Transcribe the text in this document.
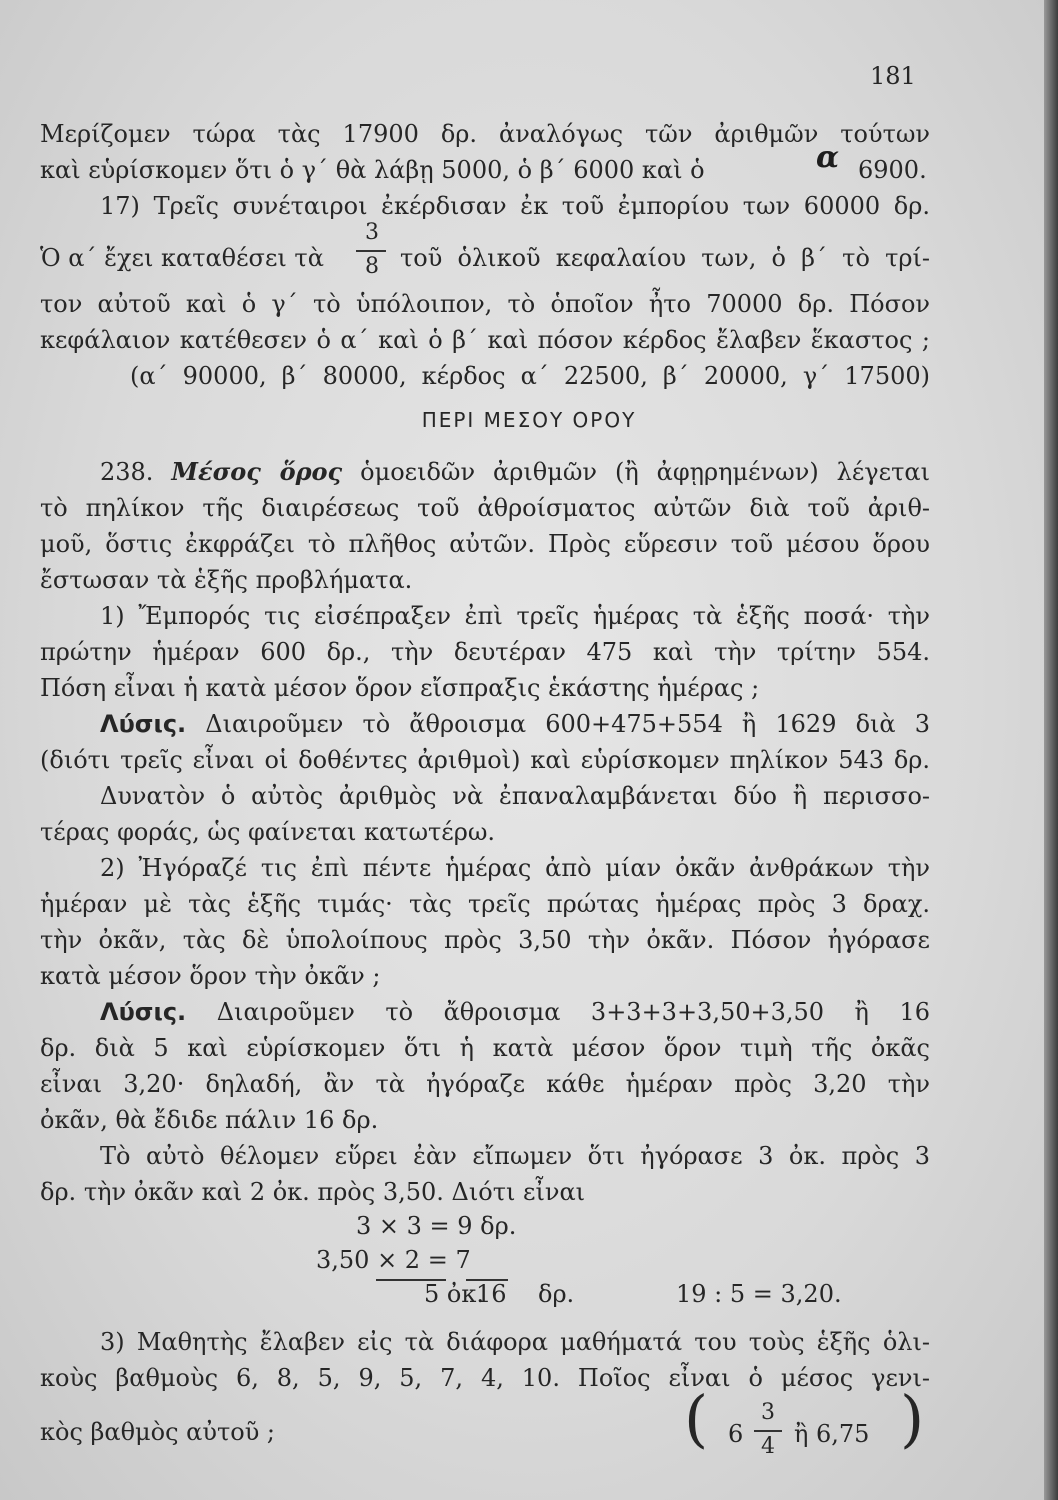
181
Μερίζομεν τώρα τὰς 17900 δρ. ἀναλόγως τῶν ἀριθμῶν τούτων
καὶ εὑρίσκομεν ὅτι ὁ γ΄ θὰ λάβῃ 5000, ὁ β΄ 6000 καὶ ὁ	α 6900.
17) Τρεῖς συνέταιροι ἐκέρδισαν ἐκ τοῦ ἐμπορίου των 60000 δρ.
Ὁ α΄ ἔχει καταθέσει τὰ
3
8 τοῦ ὁλικοῦ κεφαλαίου των, ὁ β΄ τὸ τρί-
τον αὐτοῦ καὶ ὁ γ΄ τὸ ὑπόλοιπον, τὸ ὁποῖον ἦτο 70000 δρ. Πόσον
κεφάλαιον κατέθεσεν ὁ α΄ καὶ ὁ β΄ καὶ πόσον κέρδος ἔλαβεν ἕκαστος ;
(α΄ 90000, β΄ 80000, κέρδος α΄ 22500, β΄ 20000, γ΄ 17500)
ΠΕΡΙ ΜΕΣΟΥ ΟΡΟΥ
238. Μέσος ὅρος ὁμοειδῶν ἀριθμῶν (ἢ ἀφῃρημένων) λέγεται
τὸ πηλίκον τῆς διαιρέσεως τοῦ ἀθροίσματος αὐτῶν διὰ τοῦ ἀριθ-
μοῦ, ὅστις ἐκφράζει τὸ πλῆθος αὐτῶν. Πρὸς εὕρεσιν τοῦ μέσου ὅρου
ἔστωσαν τὰ ἑξῆς προβλήματα.
1) Ἔμπορός τις εἰσέπραξεν ἐπὶ τρεῖς ἡμέρας τὰ ἑξῆς ποσά· τὴν
πρώτην ἡμέραν 600 δρ., τὴν δευτέραν 475 καὶ τὴν τρίτην 554.
Πόση εἶναι ἡ κατὰ μέσον ὅρον εἴσπραξις ἑκάστης ἡμέρας ;
Λύσις. Διαιροῦμεν τὸ ἄθροισμα 600+475+554 ἢ 1629 διὰ 3
(διότι τρεῖς εἶναι οἱ δοθέντες ἀριθμοὶ) καὶ εὑρίσκομεν πηλίκον 543 δρ.
Δυνατὸν ὁ αὐτὸς ἀριθμὸς νὰ ἐπαναλαμβάνεται δύο ἢ περισσο-
τέρας φοράς, ὡς φαίνεται κατωτέρω.
2) Ἠγόραζέ τις ἐπὶ πέντε ἡμέρας ἀπὸ μίαν ὀκᾶν ἀνθράκων τὴν
ἡμέραν μὲ τὰς ἑξῆς τιμάς· τὰς τρεῖς πρώτας ἡμέρας πρὸς 3 δραχ.
τὴν ὀκᾶν, τὰς δὲ ὑπολοίπους πρὸς 3,50 τὴν ὀκᾶν. Πόσον ἠγόρασε
κατὰ μέσον ὅρον τὴν ὀκᾶν ;
Λύσις. Διαιροῦμεν τὸ ἄθροισμα 3+3+3+3,50+3,50 ἢ 16
δρ. διὰ 5 καὶ εὑρίσκομεν ὅτι ἡ κατὰ μέσον ὅρον τιμὴ τῆς ὀκᾶς
εἶναι 3,20· δηλαδή, ἂν τὰ ἠγόραζε κάθε ἡμέραν πρὸς 3,20 τὴν
ὀκᾶν, θὰ ἔδιδε πάλιν 16 δρ.
Τὸ αὐτὸ θέλομεν εὕρει ἐὰν εἴπωμεν ὅτι ἠγόρασε 3 ὀκ. πρὸς 3
δρ. τὴν ὀκᾶν καὶ 2 ὀκ. πρὸς 3,50. Διότι εἶναι
3 × 3 = 9 δρ.
3,50 × 2 = 7
5 ὀκ.
16 δρ.	19 : 5 = 3,20.
3) Μαθητὴς ἔλαβεν εἰς τὰ διάφορα μαθήματά του τοὺς ἑξῆς ὁλι-
κοὺς βαθμοὺς 6, 8, 5, 9, 5, 7, 4, 10. Ποῖος εἶναι ὁ μέσος γενι-
κὸς βαθμὸς αὐτοῦ ;	( 6
3
4 ἢ 6,75 )
